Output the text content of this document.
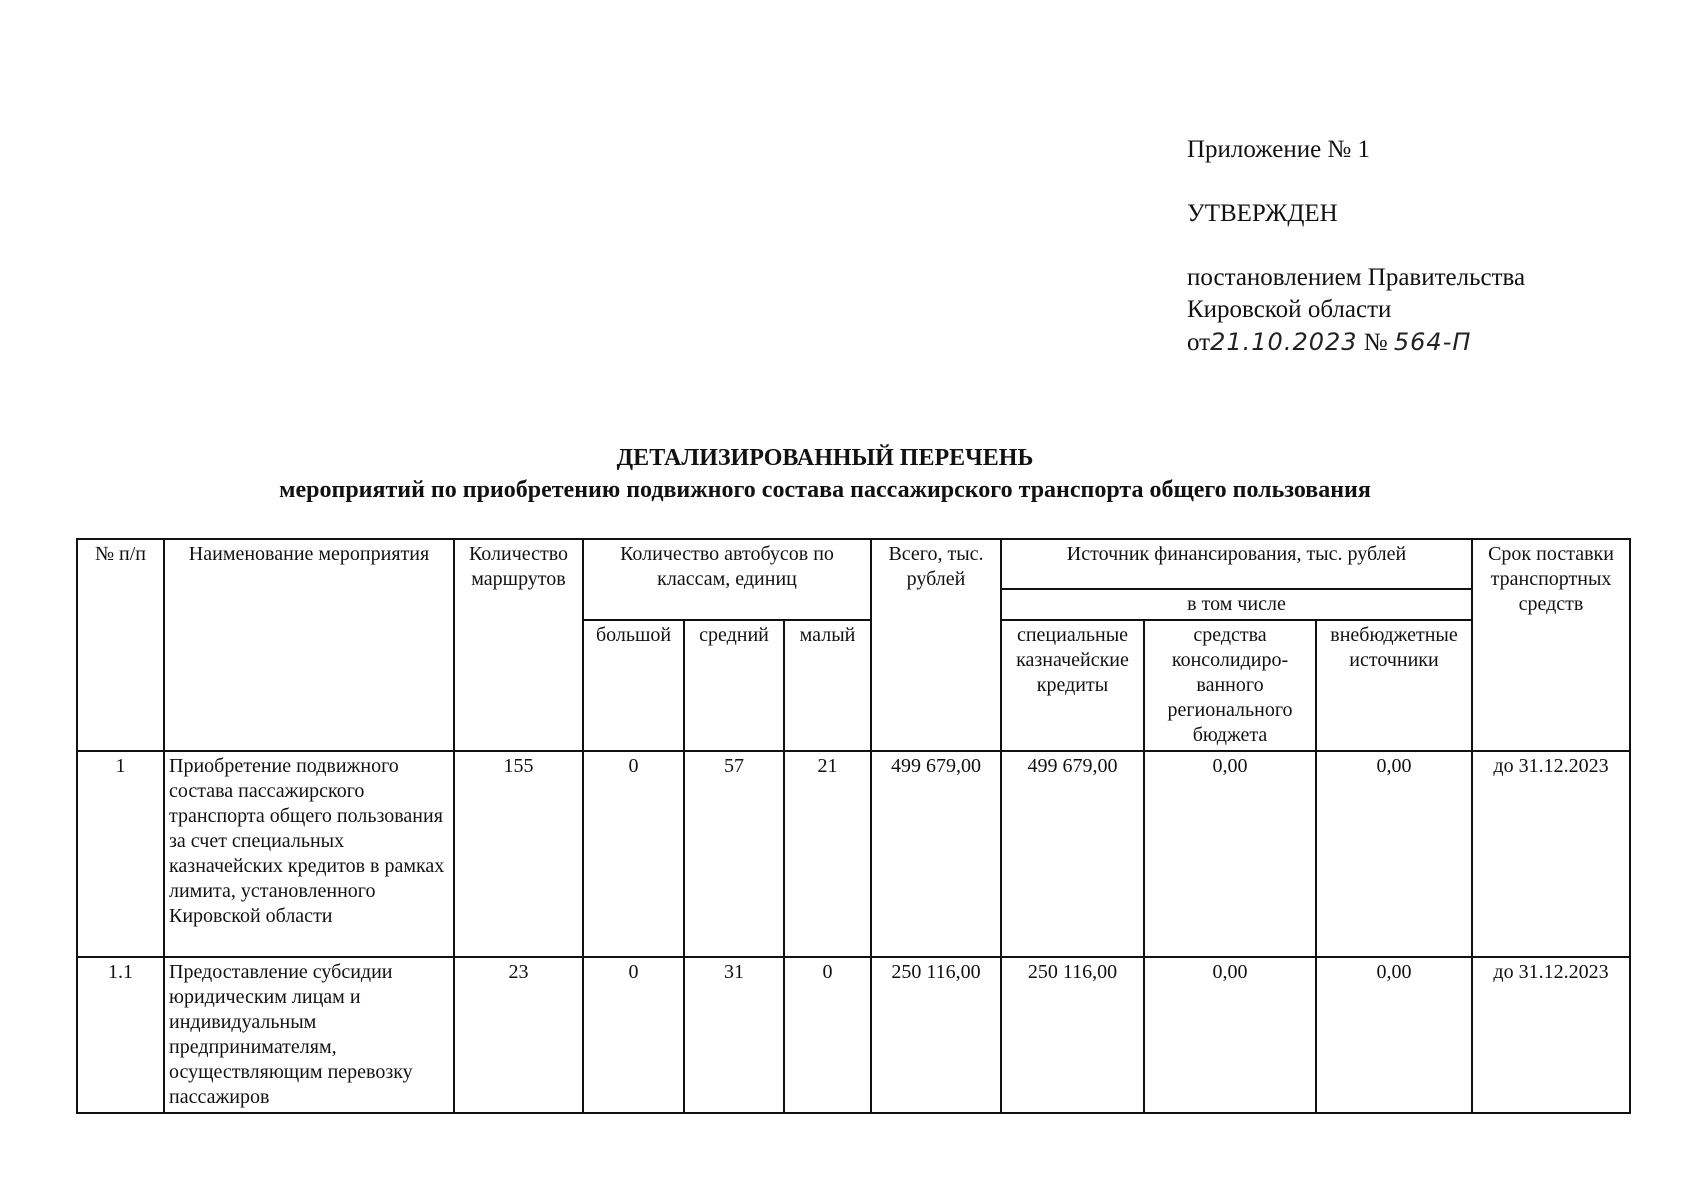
Приложение № 1
УТВЕРЖДЕН
постановлением Правительства
Кировской области
от21.10.2023 № 564-П
ДЕТАЛИЗИРОВАННЫЙ ПЕРЕЧЕНЬ
мероприятий по приобретению подвижного состава пассажирского транспорта общего пользования
№ п/п	Наименование мероприятия	Количество маршрутов	Количество автобусов по классам, единиц			Всего, тыс. рублей	Источник финансирования, тыс. рублей			Срок поставки транспортных средств
							в том числе			
			большой	средний	малый		специальные казначейские кредиты	средства консолидиро-ванного регионального бюджета	внебюджетные источники	
1	Приобретение подвижного состава пассажирского транспорта общего пользования за счет специальных казначейских кредитов в рамках лимита, установленного Кировской области	155	0	57	21	499 679,00	499 679,00	0,00	0,00	до 31.12.2023
1.1	Предоставление субсидии юридическим лицам и индивидуальным предпринимателям, осуществляющим перевозку пассажиров	23	0	31	0	250 116,00	250 116,00	0,00	0,00	до 31.12.2023
